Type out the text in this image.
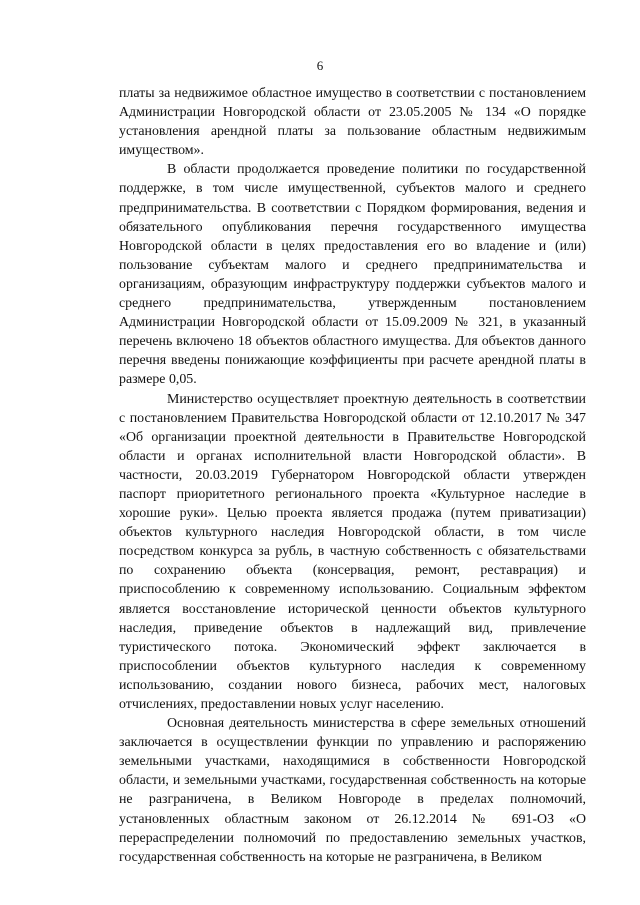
6

платы за недвижимое областное имущество в соответствии с постановлением Администрации Новгородской области от 23.05.2005 № 134 «О порядке установления арендной платы за пользование областным недвижимым имуществом».

В области продолжается проведение политики по государственной поддержке, в том числе имущественной, субъектов малого и среднего предпринимательства. В соответствии с Порядком формирования, ведения и обязательного опубликования перечня государственного имущества Новгородской области в целях предоставления его во владение и (или) пользование субъектам малого и среднего предпринимательства и организациям, образующим инфраструктуру поддержки субъектов малого и среднего предпринимательства, утвержденным постановлением Администрации Новгородской области от 15.09.2009 № 321, в указанный перечень включено 18 объектов областного имущества. Для объектов данного перечня введены понижающие коэффициенты при расчете арендной платы в размере 0,05.

Министерство осуществляет проектную деятельность в соответствии с постановлением Правительства Новгородской области от 12.10.2017 № 347 «Об организации проектной деятельности в Правительстве Новгородской области и органах исполнительной власти Новгородской области». В частности, 20.03.2019 Губернатором Новгородской области утвержден паспорт приоритетного регионального проекта «Культурное наследие в хорошие руки». Целью проекта является продажа (путем приватизации) объектов культурного наследия Новгородской области, в том числе посредством конкурса за рубль, в частную собственность с обязательствами по сохранению объекта (консервация, ремонт, реставрация) и приспособлению к современному использованию. Социальным эффектом является восстановление исторической ценности объектов культурного наследия, приведение объектов в надлежащий вид, привлечение туристического потока. Экономический эффект заключается в приспособлении объектов культурного наследия к современному использованию, создании нового бизнеса, рабочих мест, налоговых отчислениях, предоставлении новых услуг населению.

Основная деятельность министерства в сфере земельных отношений заключается в осуществлении функции по управлению и распоряжению земельными участками, находящимися в собственности Новгородской области, и земельными участками, государственная собственность на которые не разграничена, в Великом Новгороде в пределах полномочий, установленных областным законом от 26.12.2014 № 691-ОЗ «О перераспределении полномочий по предоставлению земельных участков, государственная собственность на которые не разграничена, в Великом
